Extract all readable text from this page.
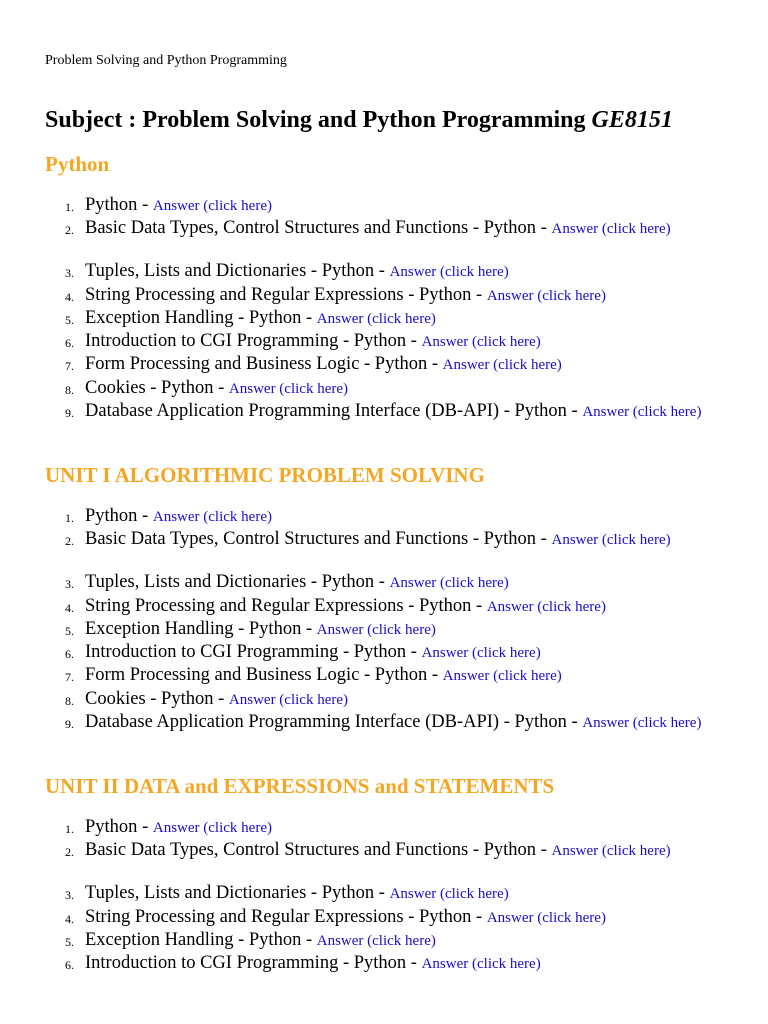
Problem Solving and Python Programming

Subject : Problem Solving and Python Programming GE8151
Python
1. Python - Answer (click here)
2. Basic Data Types, Control Structures and Functions - Python - Answer (click here)
3. Tuples, Lists and Dictionaries - Python - Answer (click here)
4. String Processing and Regular Expressions - Python - Answer (click here)
5. Exception Handling - Python - Answer (click here)
6. Introduction to CGI Programming - Python - Answer (click here)
7. Form Processing and Business Logic - Python - Answer (click here)
8. Cookies - Python - Answer (click here)
9. Database Application Programming Interface (DB-API) - Python - Answer (click here)
UNIT I ALGORITHMIC PROBLEM SOLVING
1. Python - Answer (click here)
2. Basic Data Types, Control Structures and Functions - Python - Answer (click here)
3. Tuples, Lists and Dictionaries - Python - Answer (click here)
4. String Processing and Regular Expressions - Python - Answer (click here)
5. Exception Handling - Python - Answer (click here)
6. Introduction to CGI Programming - Python - Answer (click here)
7. Form Processing and Business Logic - Python - Answer (click here)
8. Cookies - Python - Answer (click here)
9. Database Application Programming Interface (DB-API) - Python - Answer (click here)
UNIT II DATA and EXPRESSIONS and STATEMENTS
1. Python - Answer (click here)
2. Basic Data Types, Control Structures and Functions - Python - Answer (click here)
3. Tuples, Lists and Dictionaries - Python - Answer (click here)
4. String Processing and Regular Expressions - Python - Answer (click here)
5. Exception Handling - Python - Answer (click here)
6. Introduction to CGI Programming - Python - Answer (click here)
